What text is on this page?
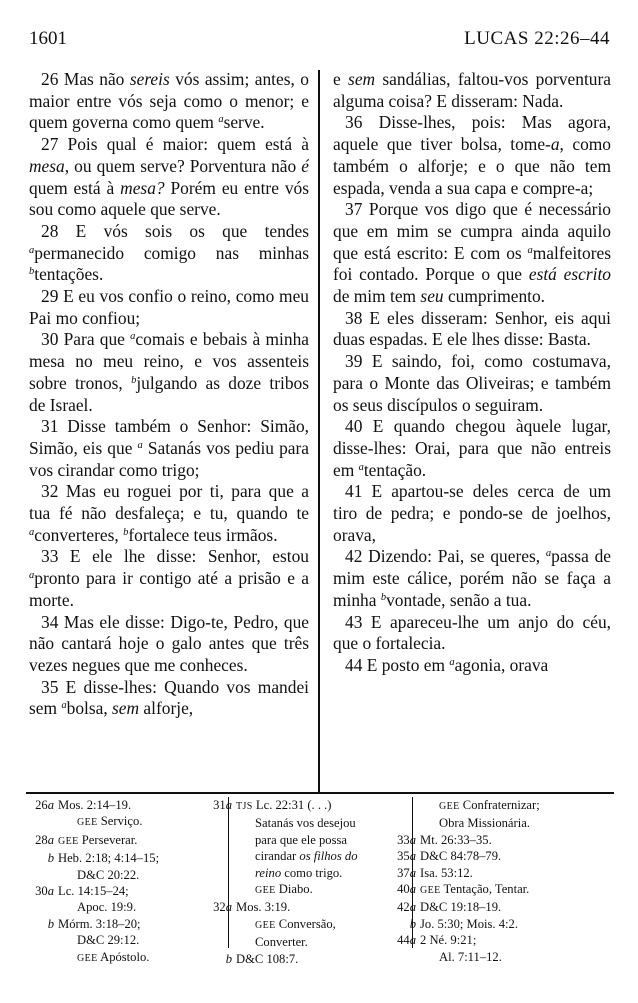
1601	LUCAS 22:26–44

26 Mas não sereis vós assim; antes, o maior entre vós seja como o menor; e quem governa como quem $^a$serve.

27 Pois qual é maior: quem está à mesa, ou quem serve? Porventura não é quem está à mesa? Porém eu entre vós sou como aquele que serve.

28 E vós sois os que tendes $^a$permanecido comigo nas minhas $^b$tentações.

29 E eu vos confio o reino, como meu Pai mo confiou;

30 Para que $^a$comais e bebais à minha mesa no meu reino, e vos assenteis sobre tronos, $^b$julgando as doze tribos de Israel.

31 Disse também o Senhor: Simão, Simão, eis que $^a$ Satanás vos pediu para vos cirandar como trigo;

32 Mas eu roguei por ti, para que a tua fé não desfaleça; e tu, quando te $^a$converteres, $^b$fortalece teus irmãos.

33 E ele lhe disse: Senhor, estou $^a$pronto para ir contigo até a prisão e a morte.

34 Mas ele disse: Digo-te, Pedro, que não cantará hoje o galo antes que três vezes negues que me conheces.

35 E disse-lhes: Quando vos mandei sem $^a$bolsa, sem alforje,

e sem sandálias, faltou-vos porventura alguma coisa? E disseram: Nada.

36 Disse-lhes, pois: Mas agora, aquele que tiver bolsa, tome-a, como também o alforje; e o que não tem espada, venda a sua capa e compre-a;

37 Porque vos digo que é necessário que em mim se cumpra ainda aquilo que está escrito: E com os $^a$malfeitores foi contado. Porque o que está escrito de mim tem seu cumprimento.

38 E eles disseram: Senhor, eis aqui duas espadas. E ele lhes disse: Basta.

39 E saindo, foi, como costumava, para o Monte das Oliveiras; e também os seus discípulos o seguiram.

40 E quando chegou àquele lugar, disse-lhes: Orai, para que não entreis em $^a$tentação.

41 E apartou-se deles cerca de um tiro de pedra; e pondo-se de joelhos, orava,

42 Dizendo: Pai, se queres, $^a$passa de mim este cálice, porém não se faça a minha $^b$vontade, senão a tua.

43 E apareceu-lhe um anjo do céu, que o fortalecia.

44 E posto em $^a$agonia, orava

26a Mos. 2:14–19.
GEE Serviço.
28a GEE Perseverar.
b Heb. 2:18; 4:14–15;
D&C 20:22.
30a Lc. 14:15–24;
Apoc. 19:9.
b Mórm. 3:18–20;
D&C 29:12.
GEE Apóstolo.
31a TJS Lc. 22:31 (. . .)
Satanás vos desejou
para que ele possa
cirandar os filhos do
reino como trigo.
GEE Diabo.
32a Mos. 3:19.
GEE Conversão,
Converter.
b D&C 108:7.
GEE Confraternizar;
Obra Missionária.
33a Mt. 26:33–35.
35a D&C 84:78–79.
37a Isa. 53:12.
40a GEE Tentação, Tentar.
42a D&C 19:18–19.
b Jo. 5:30; Mois. 4:2.
44a 2 Né. 9:21;
Al. 7:11–12.
